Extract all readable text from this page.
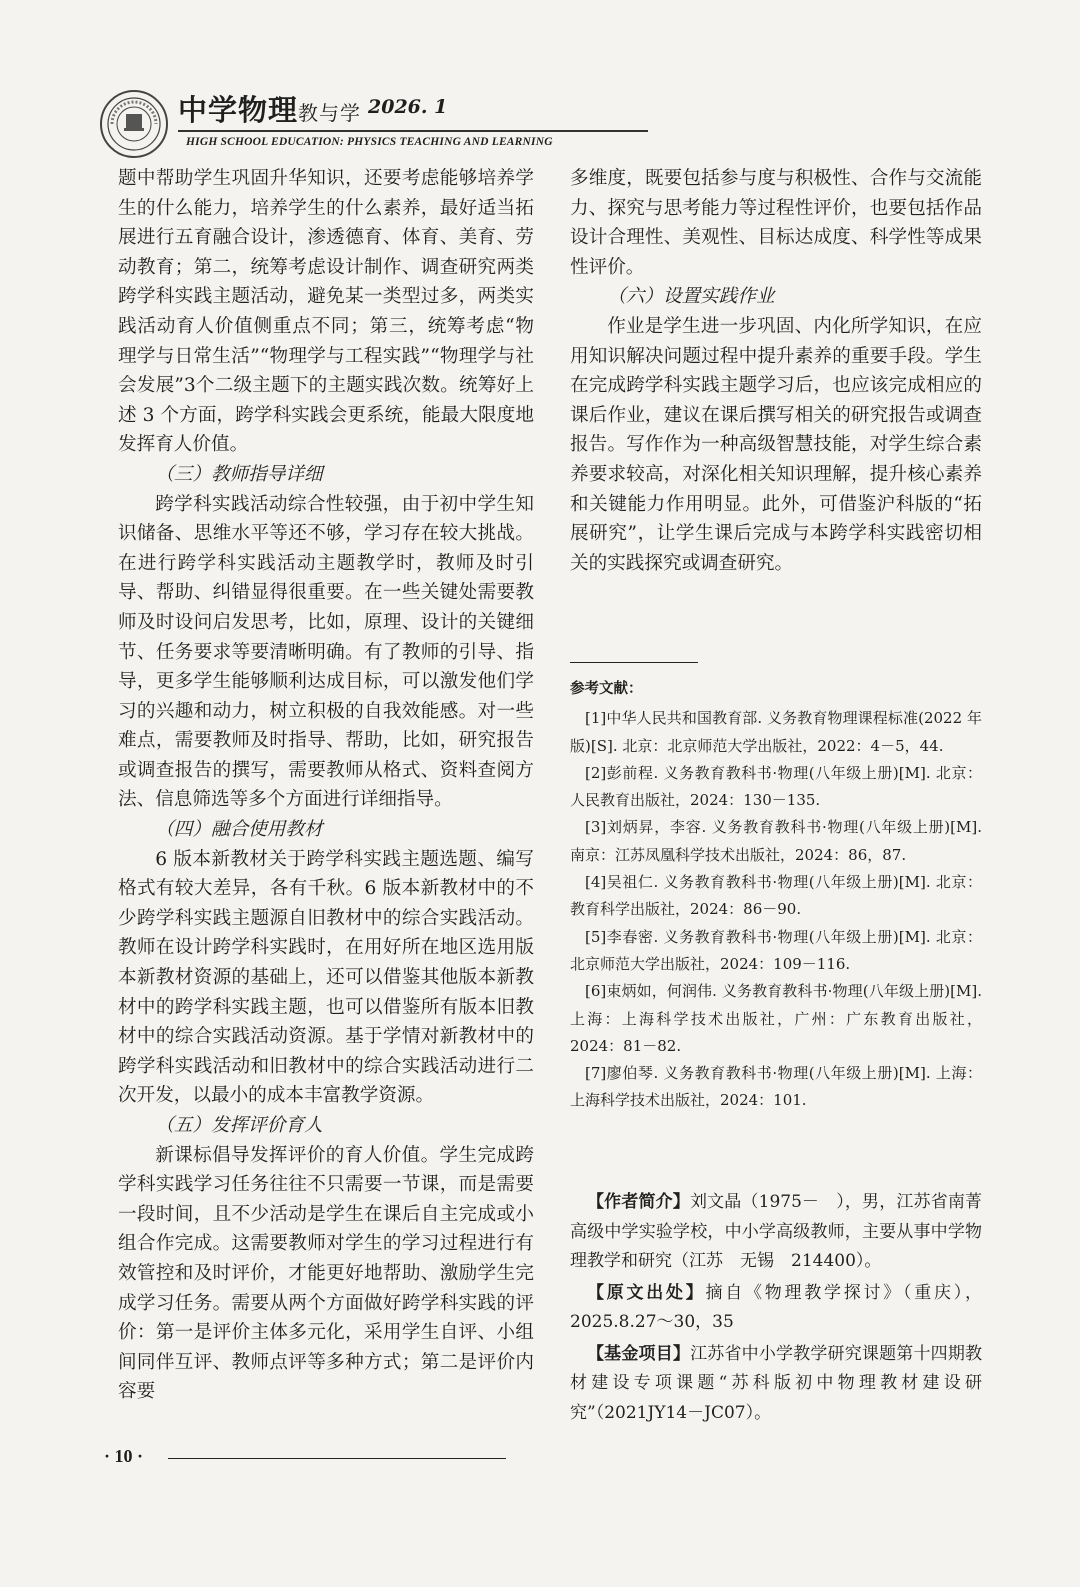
中学物理教与学 2026. 1
HIGH SCHOOL EDUCATION: PHYSICS TEACHING AND LEARNING

题中帮助学生巩固升华知识，还要考虑能够培养学生的什么能力，培养学生的什么素养，最好适当拓展进行五育融合设计，渗透德育、体育、美育、劳动教育；第二，统筹考虑设计制作、调查研究两类跨学科实践主题活动，避免某一类型过多，两类实践活动育人价值侧重点不同；第三，统筹考虑“物理学与日常生活”“物理学与工程实践”“物理学与社会发展”3个二级主题下的主题实践次数。统筹好上述 3 个方面，跨学科实践会更系统，能最大限度地发挥育人价值。

（三）教师指导详细

跨学科实践活动综合性较强，由于初中学生知识储备、思维水平等还不够，学习存在较大挑战。在进行跨学科实践活动主题教学时，教师及时引导、帮助、纠错显得很重要。在一些关键处需要教师及时设问启发思考，比如，原理、设计的关键细节、任务要求等要清晰明确。有了教师的引导、指导，更多学生能够顺利达成目标，可以激发他们学习的兴趣和动力，树立积极的自我效能感。对一些难点，需要教师及时指导、帮助，比如，研究报告或调查报告的撰写，需要教师从格式、资料查阅方法、信息筛选等多个方面进行详细指导。

（四）融合使用教材

6 版本新教材关于跨学科实践主题选题、编写格式有较大差异，各有千秋。6 版本新教材中的不少跨学科实践主题源自旧教材中的综合实践活动。教师在设计跨学科实践时，在用好所在地区选用版本新教材资源的基础上，还可以借鉴其他版本新教材中的跨学科实践主题，也可以借鉴所有版本旧教材中的综合实践活动资源。基于学情对新教材中的跨学科实践活动和旧教材中的综合实践活动进行二次开发，以最小的成本丰富教学资源。

（五）发挥评价育人

新课标倡导发挥评价的育人价值。学生完成跨学科实践学习任务往往不只需要一节课，而是需要一段时间，且不少活动是学生在课后自主完成或小组合作完成。这需要教师对学生的学习过程进行有效管控和及时评价，才能更好地帮助、激励学生完成学习任务。需要从两个方面做好跨学科实践的评价：第一是评价主体多元化，采用学生自评、小组间同伴互评、教师点评等多种方式；第二是评价内容要

多维度，既要包括参与度与积极性、合作与交流能力、探究与思考能力等过程性评价，也要包括作品设计合理性、美观性、目标达成度、科学性等成果性评价。

（六）设置实践作业

作业是学生进一步巩固、内化所学知识，在应用知识解决问题过程中提升素养的重要手段。学生在完成跨学科实践主题学习后，也应该完成相应的课后作业，建议在课后撰写相关的研究报告或调查报告。写作作为一种高级智慧技能，对学生综合素养要求较高，对深化相关知识理解，提升核心素养和关键能力作用明显。此外，可借鉴沪科版的“拓展研究”，让学生课后完成与本跨学科实践密切相关的实践探究或调查研究。

参考文献：
[1]中华人民共和国教育部. 义务教育物理课程标准(2022 年版)[S]. 北京：北京师范大学出版社，2022：4－5，44.
[2]彭前程. 义务教育教科书·物理(八年级上册)[M]. 北京：人民教育出版社，2024：130－135.
[3]刘炳昇，李容. 义务教育教科书·物理(八年级上册)[M]. 南京：江苏凤凰科学技术出版社，2024：86，87.
[4]吴祖仁. 义务教育教科书·物理(八年级上册)[M]. 北京：教育科学出版社，2024：86－90.
[5]李春密. 义务教育教科书·物理(八年级上册)[M]. 北京：北京师范大学出版社，2024：109－116.
[6]束炳如，何润伟. 义务教育教科书·物理(八年级上册)[M]. 上海：上海科学技术出版社，广州：广东教育出版社，2024：81－82.
[7]廖伯琴. 义务教育教科书·物理(八年级上册)[M]. 上海：上海科学技术出版社，2024：101.

【作者简介】刘文晶（1975－　），男，江苏省南菁高级中学实验学校，中小学高级教师，主要从事中学物理教学和研究（江苏　无锡　214400）。

【原文出处】摘自《物理教学探讨》（重庆），2025.8.27～30，35

【基金项目】江苏省中小学教学研究课题第十四期教材建设专项课题“苏科版初中物理教材建设研究”（2021JY14－JC07）。

· 10 ·
